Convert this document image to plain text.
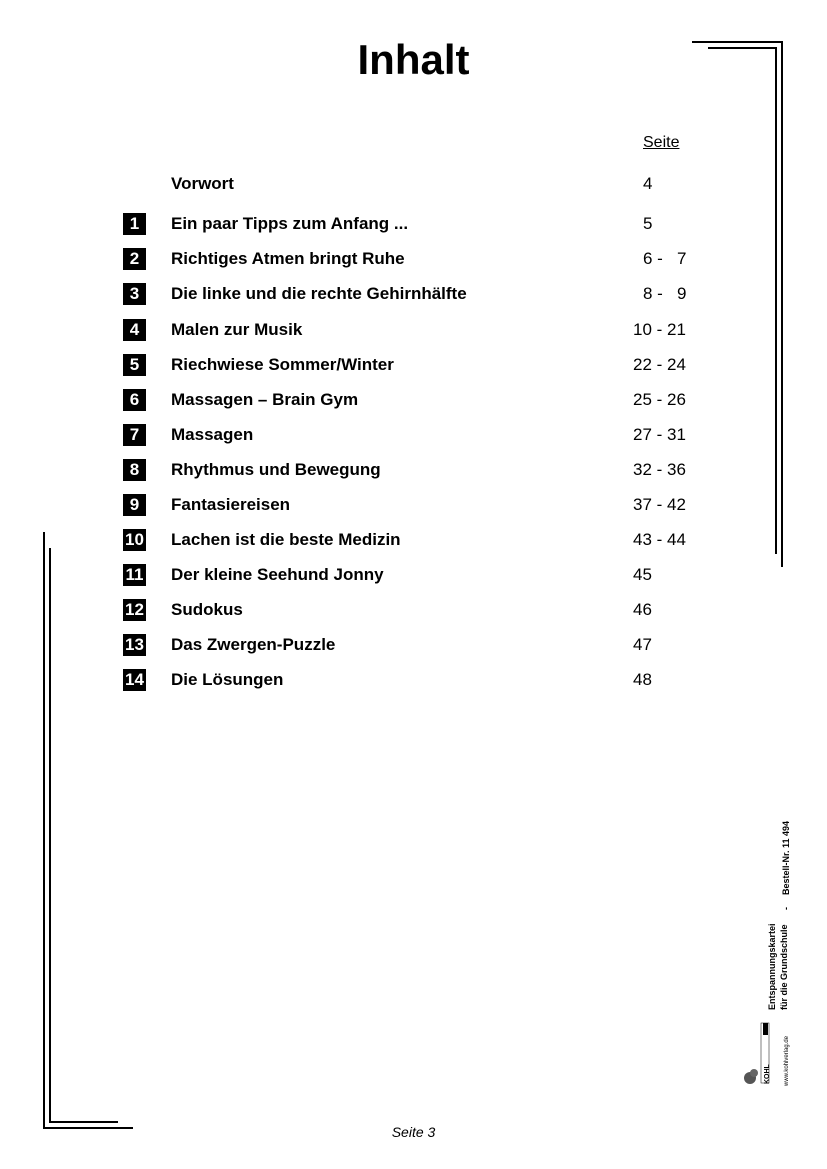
Inhalt
Seite
Vorwort	4
1	Ein paar Tipps zum Anfang ...	5
2	Richtiges Atmen bringt Ruhe	6 -   7
3	Die linke und die rechte Gehirnhälfte	8 -   9
4	Malen zur Musik	10 - 21
5	Riechwiese Sommer/Winter	22 - 24
6	Massagen – Brain Gym	25 - 26
7	Massagen	27 - 31
8	Rhythmus und Bewegung	32 - 36
9	Fantasiereisen	37 - 42
10 Lachen ist die beste Medizin	43 - 44
11 Der kleine Seehund Jonny	45
12 Sudokus	46
13 Das Zwergen-Puzzle	47
14 Die Lösungen	48
Bestell-Nr. 11 494
-
Entspannungskartei für die Grundschule
KOHL www.kohlverlag.de
Seite 3
